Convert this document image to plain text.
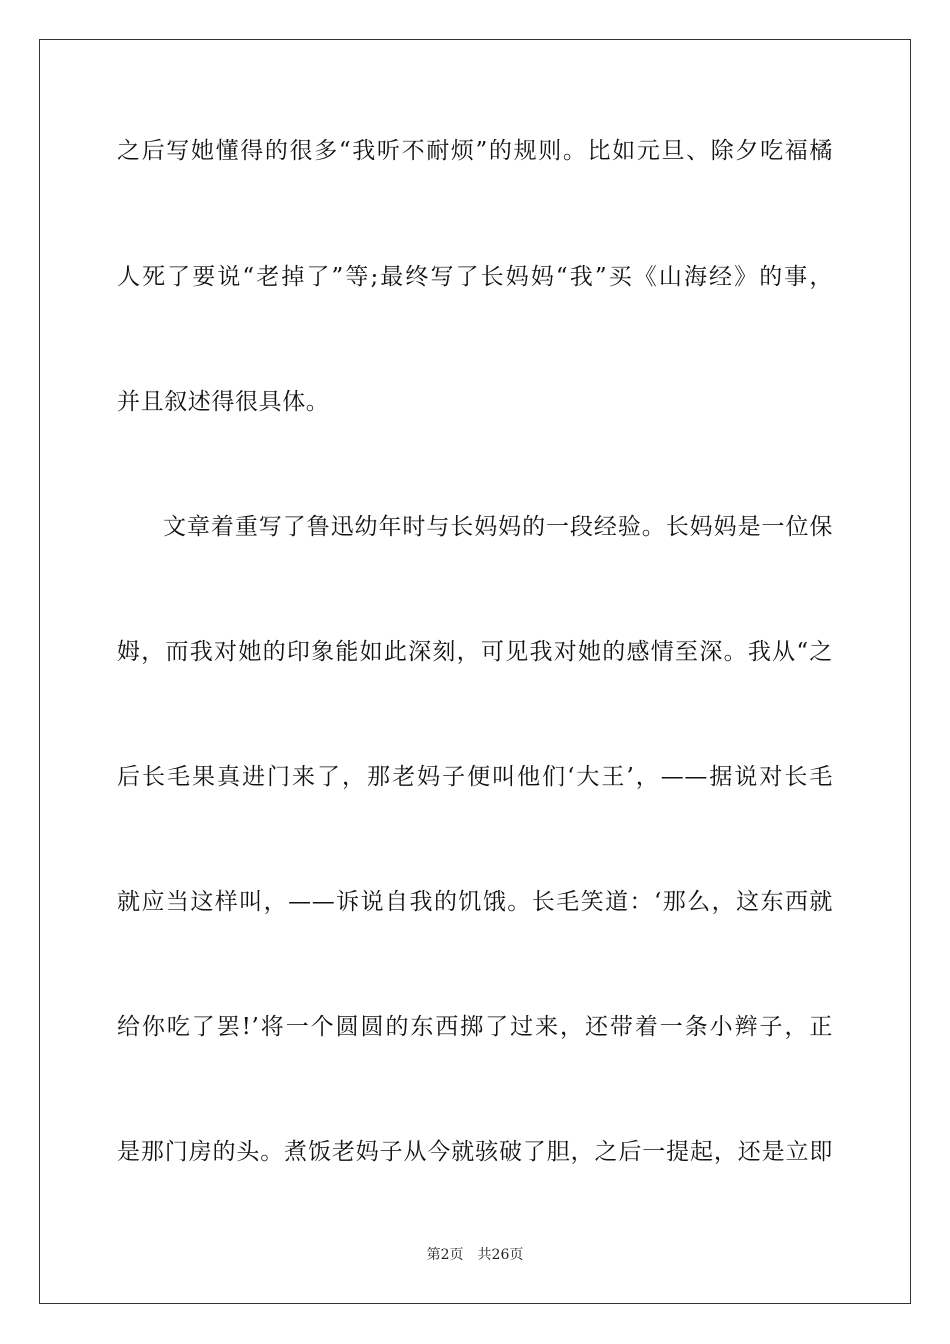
之后写她懂得的很多“我听不耐烦”的规则。比如元旦、除夕吃福橘
人死了要说“老掉了”等;最终写了长妈妈“我”买《山海经》的事，
并且叙述得很具体。
文章着重写了鲁迅幼年时与长妈妈的一段经验。长妈妈是一位保
姆，而我对她的印象能如此深刻，可见我对她的感情至深。我从“之
后长毛果真进门来了，那老妈子便叫他们‘大王’，——据说对长毛
就应当这样叫，——诉说自我的饥饿。长毛笑道：‘那么，这东西就
给你吃了罢!’将一个圆圆的东西掷了过来，还带着一条小辫子，正
是那门房的头。煮饭老妈子从今就骇破了胆，之后一提起，还是立即
第2页 共26页
